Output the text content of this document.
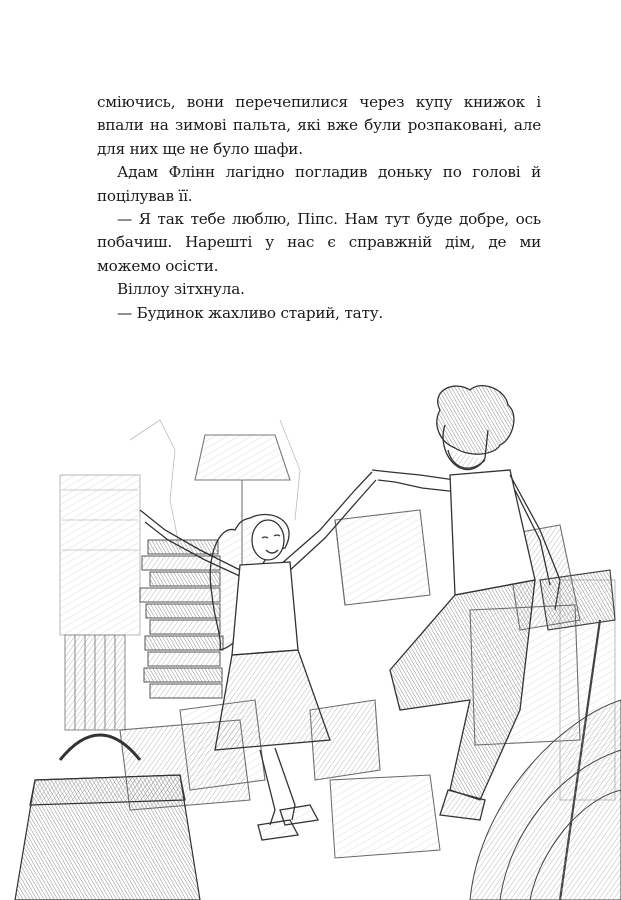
сміючись, вони перечепилися через купу книжок і впали на зимові пальта, які вже були розпаковані, але для них ще не було шафи.

Адам Флінн лагідно погладив доньку по голові й поцілував її.

— Я так тебе люблю, Піпс. Нам тут буде добре, ось побачиш. Нарешті у нас є справжній дім, де ми можемо осісти.

Віллоу зітхнула.

— Будинок жахливо старий, тату.
